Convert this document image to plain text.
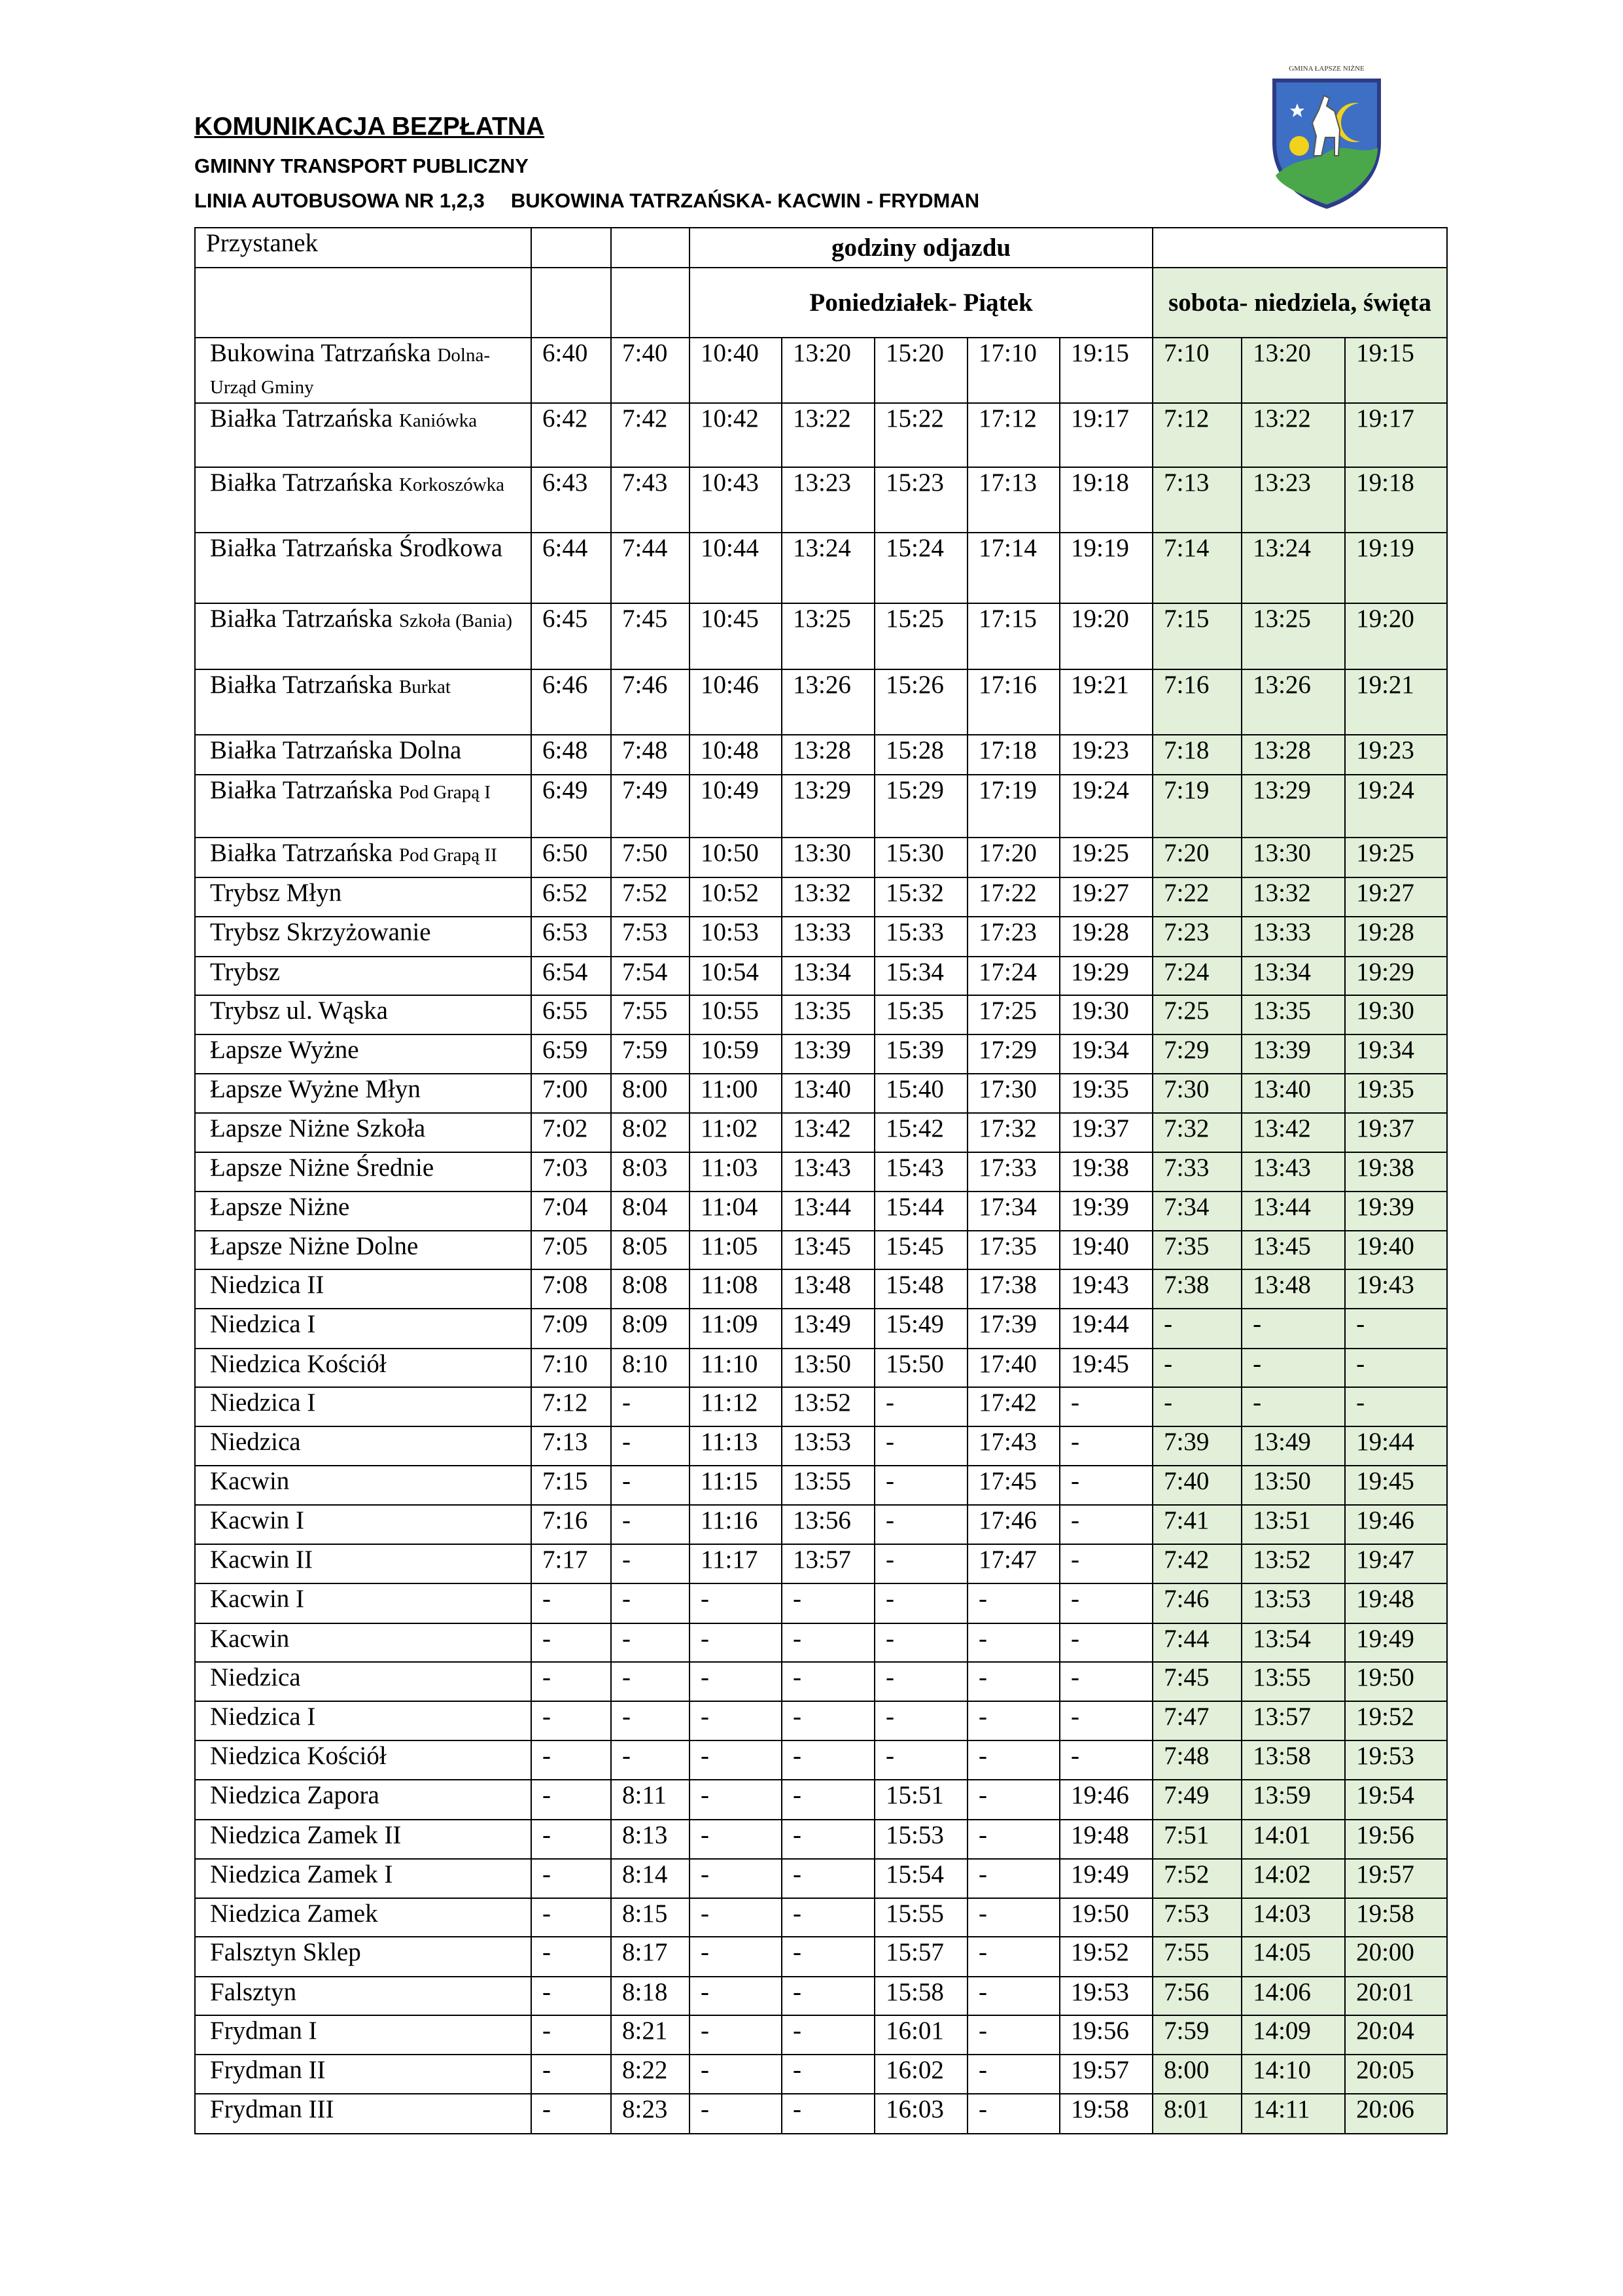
KOMUNIKACJA BEZPŁATNA
GMINNY TRANSPORT PUBLICZNY
LINIA AUTOBUSOWA NR 1,2,3 BUKOWINA TATRZAŃSKA- KACWIN - FRYDMAN
GMINA ŁAPSZE NIŻNE
Przystanek			godziny odjazdu							
			Poniedziałek- Piątek					sobota- niedziela, święta		
Bukowina Tatrzańska Dolna-Urząd Gminy	6:40	7:40	10:40	13:20	15:20	17:10	19:15	7:10	13:20	19:15
Białka Tatrzańska Kaniówka	6:42	7:42	10:42	13:22	15:22	17:12	19:17	7:12	13:22	19:17
Białka Tatrzańska Korkoszówka	6:43	7:43	10:43	13:23	15:23	17:13	19:18	7:13	13:23	19:18
Białka Tatrzańska Środkowa	6:44	7:44	10:44	13:24	15:24	17:14	19:19	7:14	13:24	19:19
Białka Tatrzańska Szkoła (Bania)	6:45	7:45	10:45	13:25	15:25	17:15	19:20	7:15	13:25	19:20
Białka Tatrzańska Burkat	6:46	7:46	10:46	13:26	15:26	17:16	19:21	7:16	13:26	19:21
Białka Tatrzańska Dolna	6:48	7:48	10:48	13:28	15:28	17:18	19:23	7:18	13:28	19:23
Białka Tatrzańska Pod Grapą I	6:49	7:49	10:49	13:29	15:29	17:19	19:24	7:19	13:29	19:24
Białka Tatrzańska Pod Grapą II	6:50	7:50	10:50	13:30	15:30	17:20	19:25	7:20	13:30	19:25
Trybsz Młyn	6:52	7:52	10:52	13:32	15:32	17:22	19:27	7:22	13:32	19:27
Trybsz Skrzyżowanie	6:53	7:53	10:53	13:33	15:33	17:23	19:28	7:23	13:33	19:28
Trybsz	6:54	7:54	10:54	13:34	15:34	17:24	19:29	7:24	13:34	19:29
Trybsz ul. Wąska	6:55	7:55	10:55	13:35	15:35	17:25	19:30	7:25	13:35	19:30
Łapsze Wyżne	6:59	7:59	10:59	13:39	15:39	17:29	19:34	7:29	13:39	19:34
Łapsze Wyżne Młyn	7:00	8:00	11:00	13:40	15:40	17:30	19:35	7:30	13:40	19:35
Łapsze Niżne Szkoła	7:02	8:02	11:02	13:42	15:42	17:32	19:37	7:32	13:42	19:37
Łapsze Niżne Średnie	7:03	8:03	11:03	13:43	15:43	17:33	19:38	7:33	13:43	19:38
Łapsze Niżne	7:04	8:04	11:04	13:44	15:44	17:34	19:39	7:34	13:44	19:39
Łapsze Niżne Dolne	7:05	8:05	11:05	13:45	15:45	17:35	19:40	7:35	13:45	19:40
Niedzica II	7:08	8:08	11:08	13:48	15:48	17:38	19:43	7:38	13:48	19:43
Niedzica I	7:09	8:09	11:09	13:49	15:49	17:39	19:44	-	-	-
Niedzica Kościół	7:10	8:10	11:10	13:50	15:50	17:40	19:45	-	-	-
Niedzica I	7:12	-	11:12	13:52	-	17:42	-	-	-	-
Niedzica	7:13	-	11:13	13:53	-	17:43	-	7:39	13:49	19:44
Kacwin	7:15	-	11:15	13:55	-	17:45	-	7:40	13:50	19:45
Kacwin I	7:16	-	11:16	13:56	-	17:46	-	7:41	13:51	19:46
Kacwin II	7:17	-	11:17	13:57	-	17:47	-	7:42	13:52	19:47
Kacwin I	-	-	-	-	-	-	-	7:46	13:53	19:48
Kacwin	-	-	-	-	-	-	-	7:44	13:54	19:49
Niedzica	-	-	-	-	-	-	-	7:45	13:55	19:50
Niedzica I	-	-	-	-	-	-	-	7:47	13:57	19:52
Niedzica Kościół	-	-	-	-	-	-	-	7:48	13:58	19:53
Niedzica Zapora	-	8:11	-	-	15:51	-	19:46	7:49	13:59	19:54
Niedzica Zamek II	-	8:13	-	-	15:53	-	19:48	7:51	14:01	19:56
Niedzica Zamek I	-	8:14	-	-	15:54	-	19:49	7:52	14:02	19:57
Niedzica Zamek	-	8:15	-	-	15:55	-	19:50	7:53	14:03	19:58
Falsztyn Sklep	-	8:17	-	-	15:57	-	19:52	7:55	14:05	20:00
Falsztyn	-	8:18	-	-	15:58	-	19:53	7:56	14:06	20:01
Frydman I	-	8:21	-	-	16:01	-	19:56	7:59	14:09	20:04
Frydman II	-	8:22	-	-	16:02	-	19:57	8:00	14:10	20:05
Frydman III	-	8:23	-	-	16:03	-	19:58	8:01	14:11	20:06
